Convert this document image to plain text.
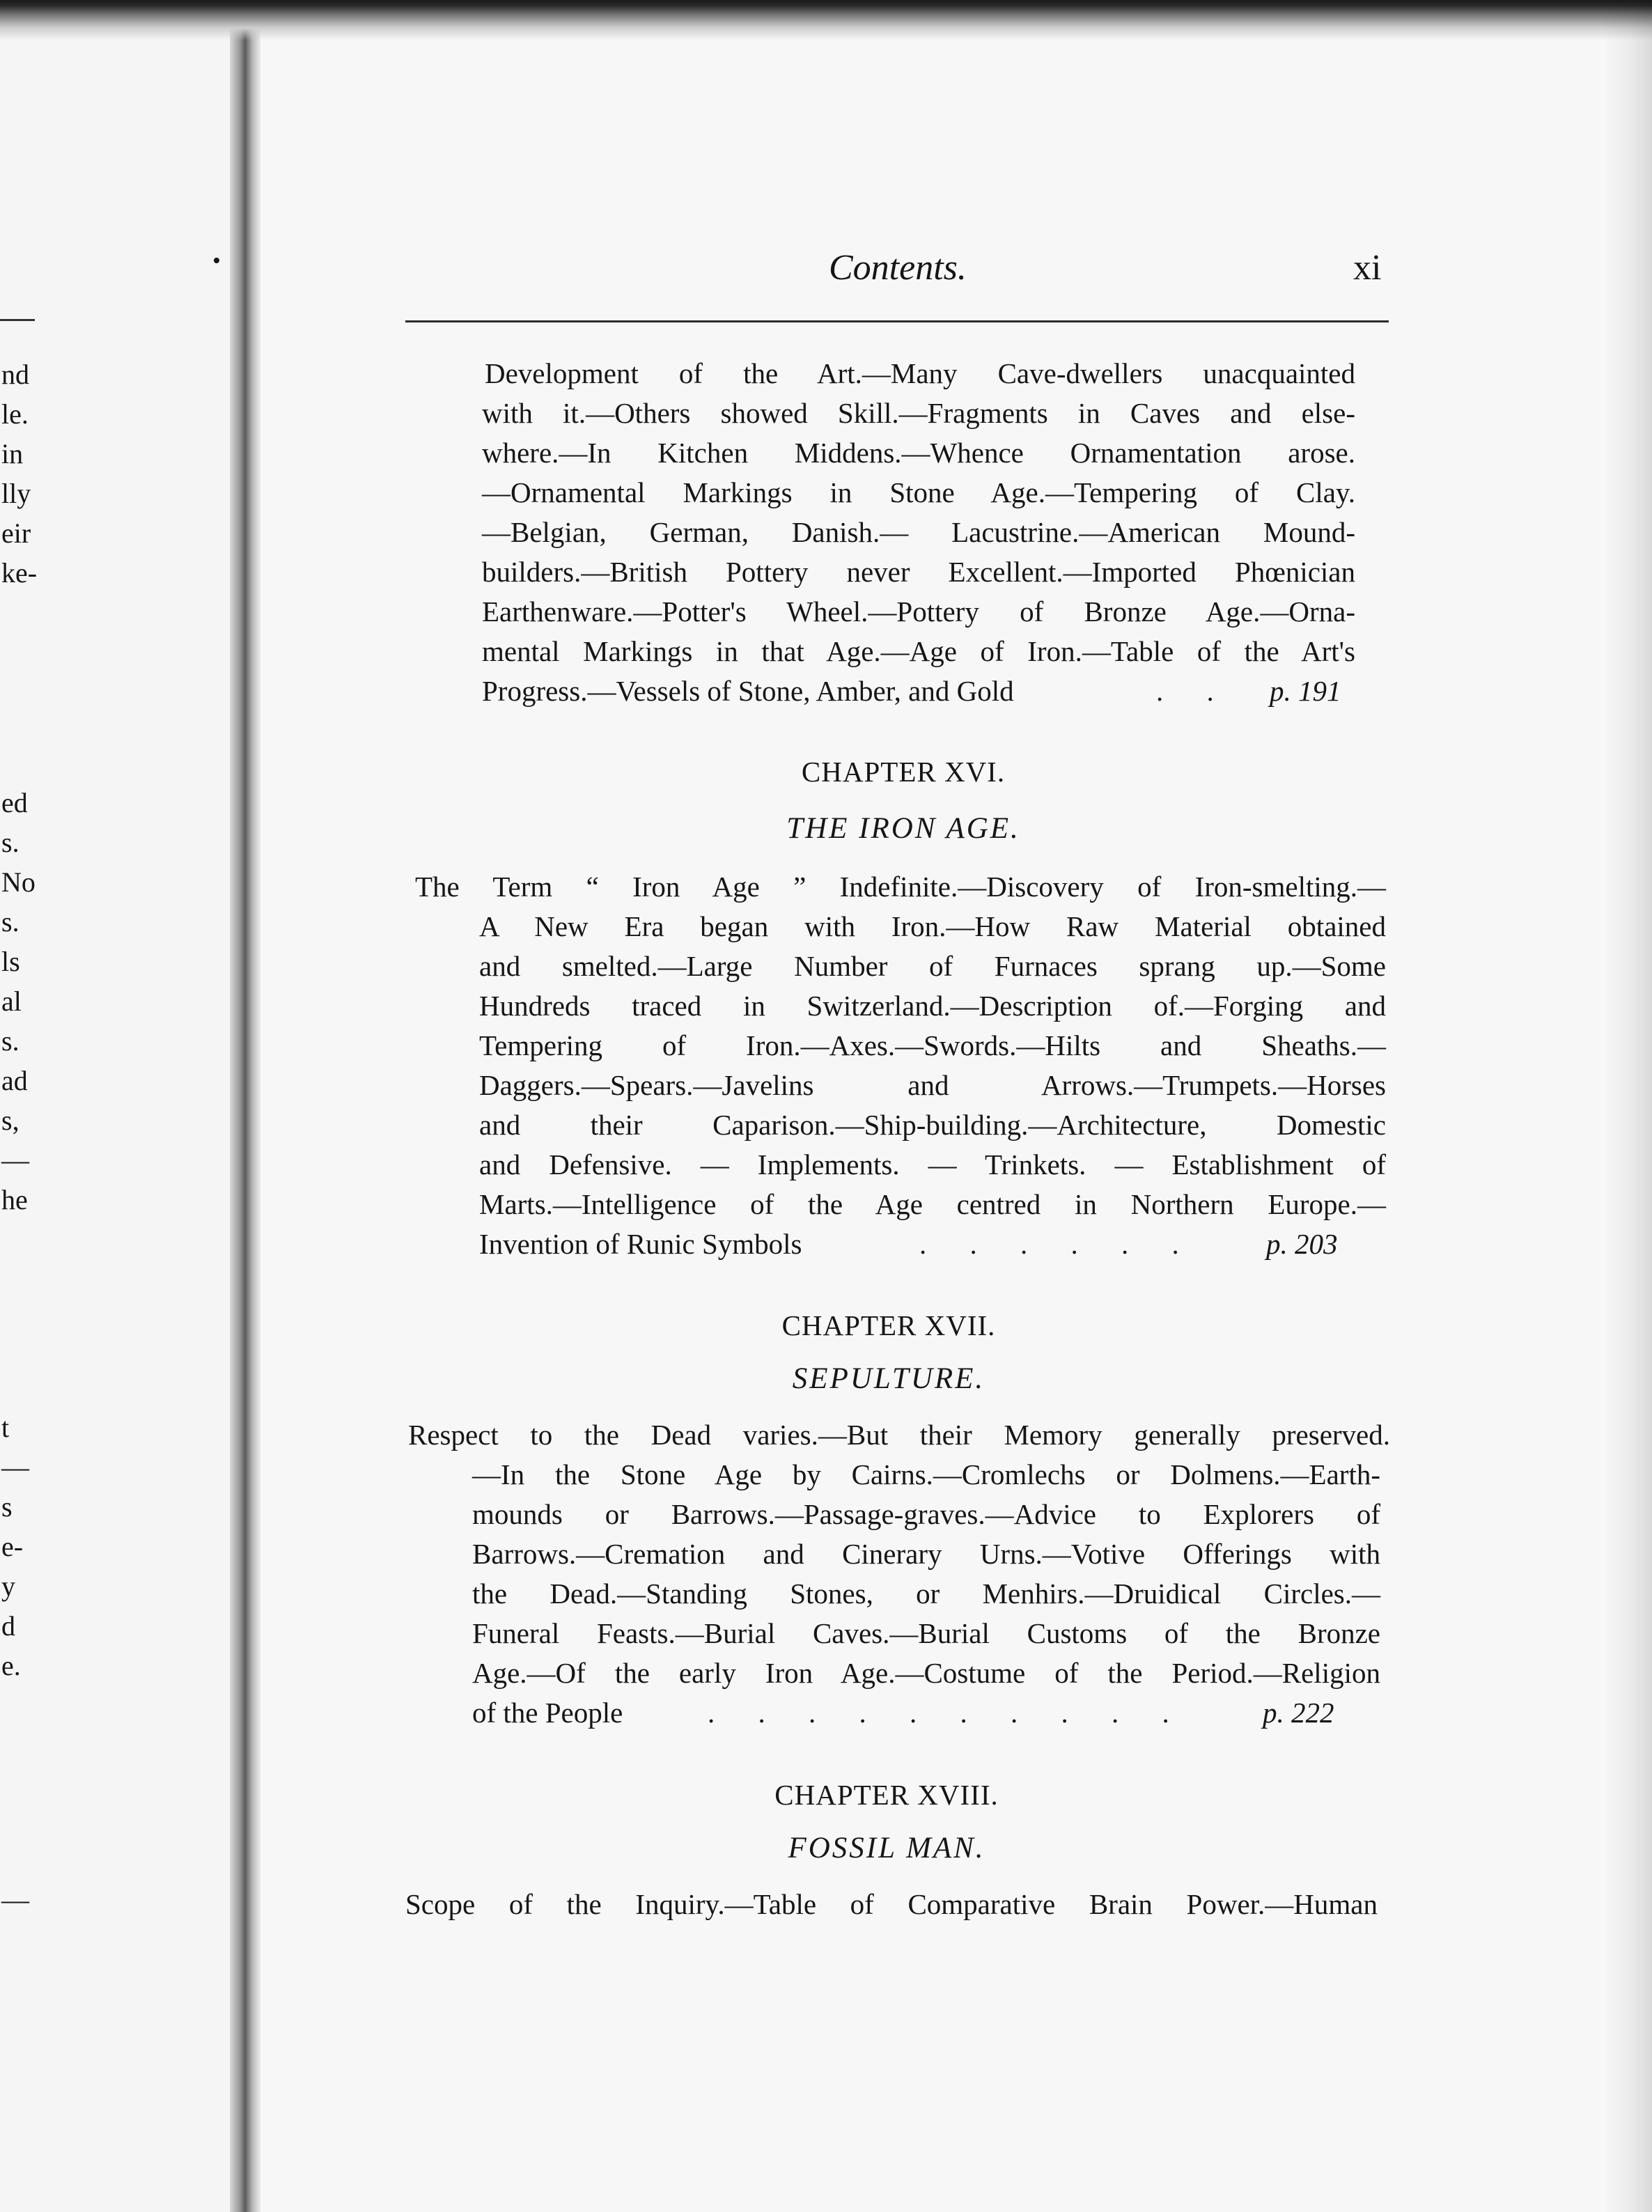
•
nd
le.
in
lly
eir
ke-
ed
s.
No
s.
ls
al
s.
ad
s,
—
he
t
—
s
e-
y
d
e.
—
Contents.	xi
Development of the Art.—Many Cave-dwellers unacquainted
with it.—Others showed Skill.—Fragments in Caves and else-
where.—In Kitchen Middens.—Whence Ornamentation arose.
—Ornamental Markings in Stone Age.—Tempering of Clay.
—Belgian, German, Danish.— Lacustrine.—American Mound-
builders.—British Pottery never Excellent.—Imported Phœnician
Earthenware.—Potter's Wheel.—Pottery of Bronze Age.—Orna-
mental Markings in that Age.—Age of Iron.—Table of the Art's
Progress.—Vessels of Stone, Amber, and Gold	. . p. 191
CHAPTER XVI.
THE IRON AGE.
The Term “ Iron Age ” Indefinite.—Discovery of Iron-smelting.—
A New Era began with Iron.—How Raw Material obtained
and smelted.—Large Number of Furnaces sprang up.—Some
Hundreds traced in Switzerland.—Description of.—Forging and
Tempering of Iron.—Axes.—Swords.—Hilts and Sheaths.—
Daggers.—Spears.—Javelins and Arrows.—Trumpets.—Horses
and their Caparison.—Ship-building.—Architecture, Domestic
and Defensive. — Implements. — Trinkets. — Establishment of
Marts.—Intelligence of the Age centred in Northern Europe.—
Invention of Runic Symbols	. . . . . . p. 203
CHAPTER XVII.
SEPULTURE.
Respect to the Dead varies.—But their Memory generally preserved.
—In the Stone Age by Cairns.—Cromlechs or Dolmens.—Earth-
mounds or Barrows.—Passage-graves.—Advice to Explorers of
Barrows.—Cremation and Cinerary Urns.—Votive Offerings with
the Dead.—Standing Stones, or Menhirs.—Druidical Circles.—
Funeral Feasts.—Burial Caves.—Burial Customs of the Bronze
Age.—Of the early Iron Age.—Costume of the Period.—Religion
of the People	. . . . . . . . . .	p. 222
CHAPTER XVIII.
FOSSIL MAN.
Scope of the Inquiry.—Table of Comparative Brain Power.—Human
